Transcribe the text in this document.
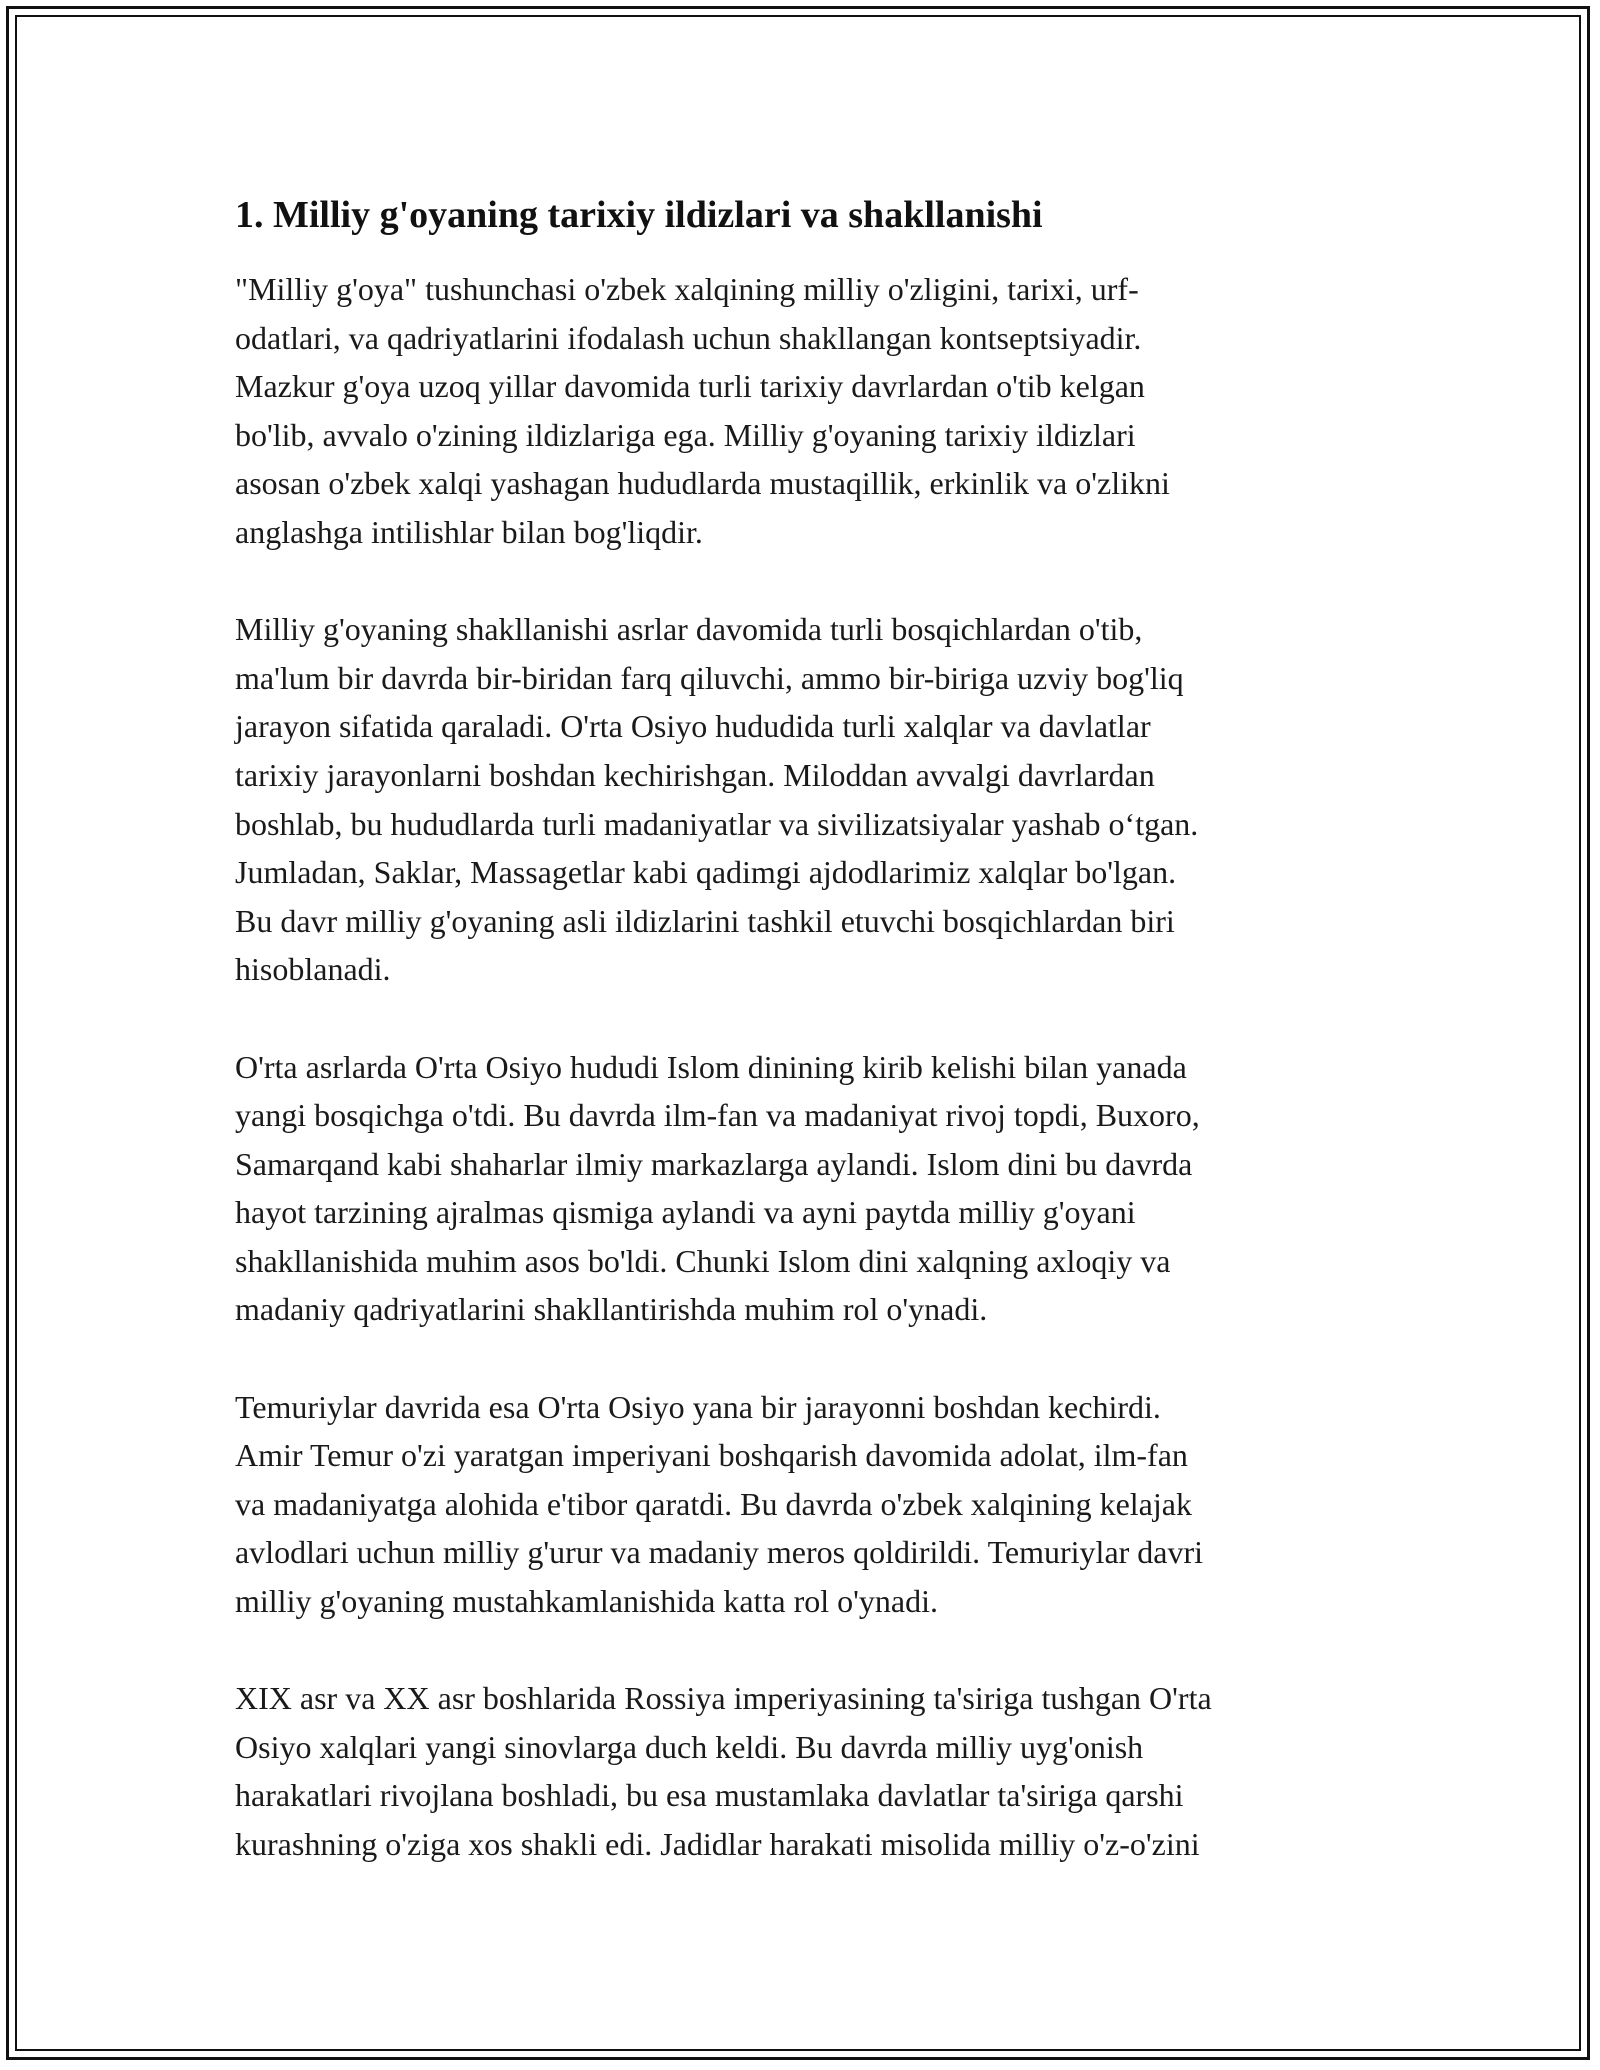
1. Milliy g'oyaning tarixiy ildizlari va shakllanishi

"Milliy g'oya" tushunchasi o'zbek xalqining milliy o'zligini, tarixi, urf-
odatlari, va qadriyatlarini ifodalash uchun shakllangan kontseptsiyadir.
Mazkur g'oya uzoq yillar davomida turli tarixiy davrlardan o'tib kelgan
bo'lib, avvalo o'zining ildizlariga ega. Milliy g'oyaning tarixiy ildizlari
asosan o'zbek xalqi yashagan hududlarda mustaqillik, erkinlik va o'zlikni
anglashga intilishlar bilan bog'liqdir.

Milliy g'oyaning shakllanishi asrlar davomida turli bosqichlardan o'tib,
ma'lum bir davrda bir-biridan farq qiluvchi, ammo bir-biriga uzviy bog'liq
jarayon sifatida qaraladi. O'rta Osiyo hududida turli xalqlar va davlatlar
tarixiy jarayonlarni boshdan kechirishgan. Miloddan avvalgi davrlardan
boshlab, bu hududlarda turli madaniyatlar va sivilizatsiyalar yashab o‘tgan.
Jumladan, Saklar, Massagetlar kabi qadimgi ajdodlarimiz xalqlar bo'lgan.
Bu davr milliy g'oyaning asli ildizlarini tashkil etuvchi bosqichlardan biri
hisoblanadi.

O'rta asrlarda O'rta Osiyo hududi Islom dinining kirib kelishi bilan yanada
yangi bosqichga o'tdi. Bu davrda ilm-fan va madaniyat rivoj topdi, Buxoro,
Samarqand kabi shaharlar ilmiy markazlarga aylandi. Islom dini bu davrda
hayot tarzining ajralmas qismiga aylandi va ayni paytda milliy g'oyani
shakllanishida muhim asos bo'ldi. Chunki Islom dini xalqning axloqiy va
madaniy qadriyatlarini shakllantirishda muhim rol o'ynadi.

Temuriylar davrida esa O'rta Osiyo yana bir jarayonni boshdan kechirdi.
Amir Temur o'zi yaratgan imperiyani boshqarish davomida adolat, ilm-fan
va madaniyatga alohida e'tibor qaratdi. Bu davrda o'zbek xalqining kelajak
avlodlari uchun milliy g'urur va madaniy meros qoldirildi. Temuriylar davri
milliy g'oyaning mustahkamlanishida katta rol o'ynadi.

XIX asr va XX asr boshlarida Rossiya imperiyasining ta'siriga tushgan O'rta
Osiyo xalqlari yangi sinovlarga duch keldi. Bu davrda milliy uyg'onish
harakatlari rivojlana boshladi, bu esa mustamlaka davlatlar ta'siriga qarshi
kurashning o'ziga xos shakli edi. Jadidlar harakati misolida milliy o'z-o'zini
